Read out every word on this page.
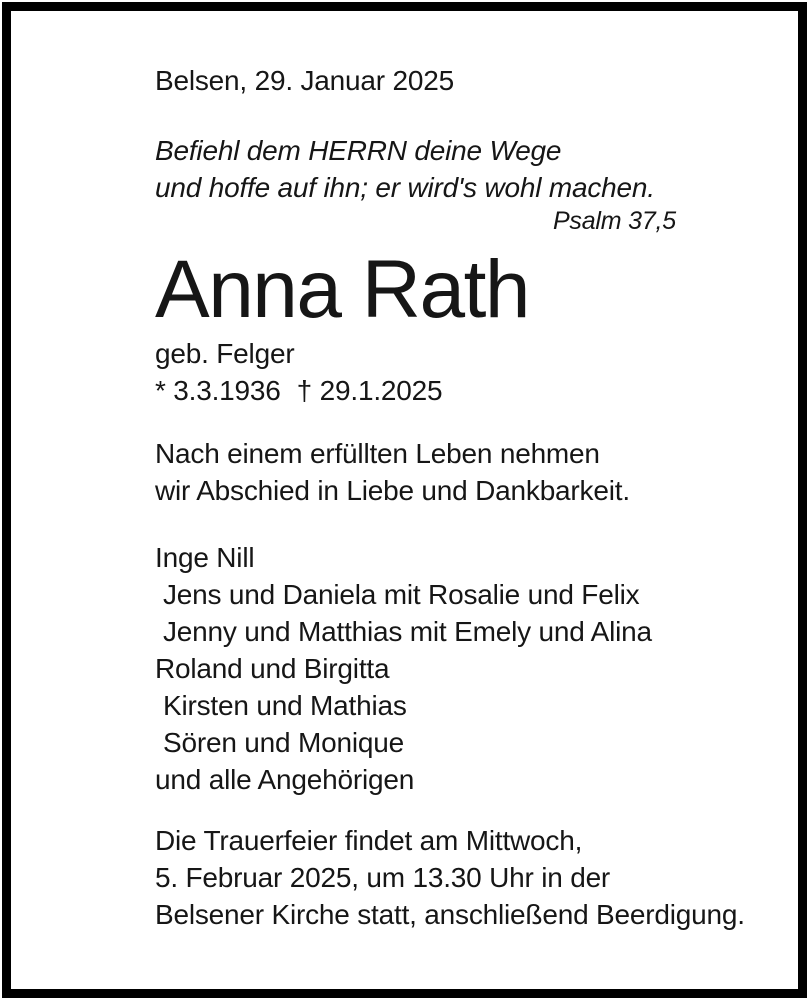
Belsen, 29. Januar 2025
Befiehl dem HERRN deine Wege
und hoffe auf ihn; er wird's wohl machen.
Psalm 37,5
Anna Rath
geb. Felger
* 3.3.1936 † 29.1.2025
Nach einem erfüllten Leben nehmen
wir Abschied in Liebe und Dankbarkeit.
Inge Nill
Jens und Daniela mit Rosalie und Felix
Jenny und Matthias mit Emely und Alina
Roland und Birgitta
Kirsten und Mathias
Sören und Monique
und alle Angehörigen
Die Trauerfeier findet am Mittwoch,
5. Februar 2025, um 13.30 Uhr in der
Belsener Kirche statt, anschließend Beerdigung.
